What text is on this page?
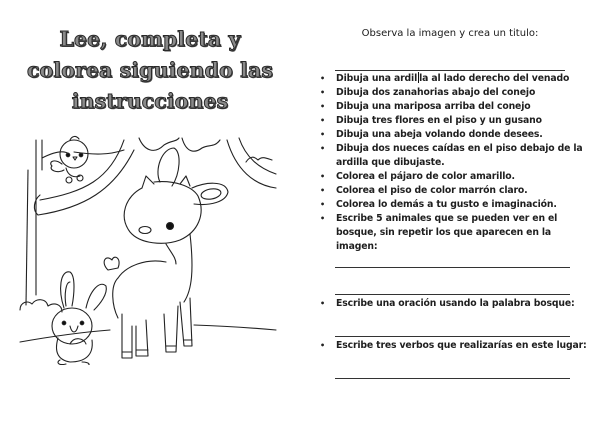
Lee, completa y
colorea siguiendo las
instrucciones
Observa la imagen y crea un titulo:
• Dibuja una ardil la al lado derecho del venado
• Dibuja dos zanahorias abajo del conejo
• Dibuja una mariposa arriba del conejo
• Dibuja tres flores en el piso y un gusano
• Dibuja una abeja volando donde desees.
• Dibuja dos nueces caídas en el piso debajo de la ardilla que dibujaste.
• Colorea el pájaro de color amarillo.
• Colorea el piso de color marrón claro.
• Colorea lo demás a tu gusto e imaginación.
• Escribe 5 animales que se pueden ver en el bosque, sin repetir los que aparecen en la imagen:
• Escribe una oración usando la palabra bosque:
• Escribe tres verbos que realizarías en este lugar:
